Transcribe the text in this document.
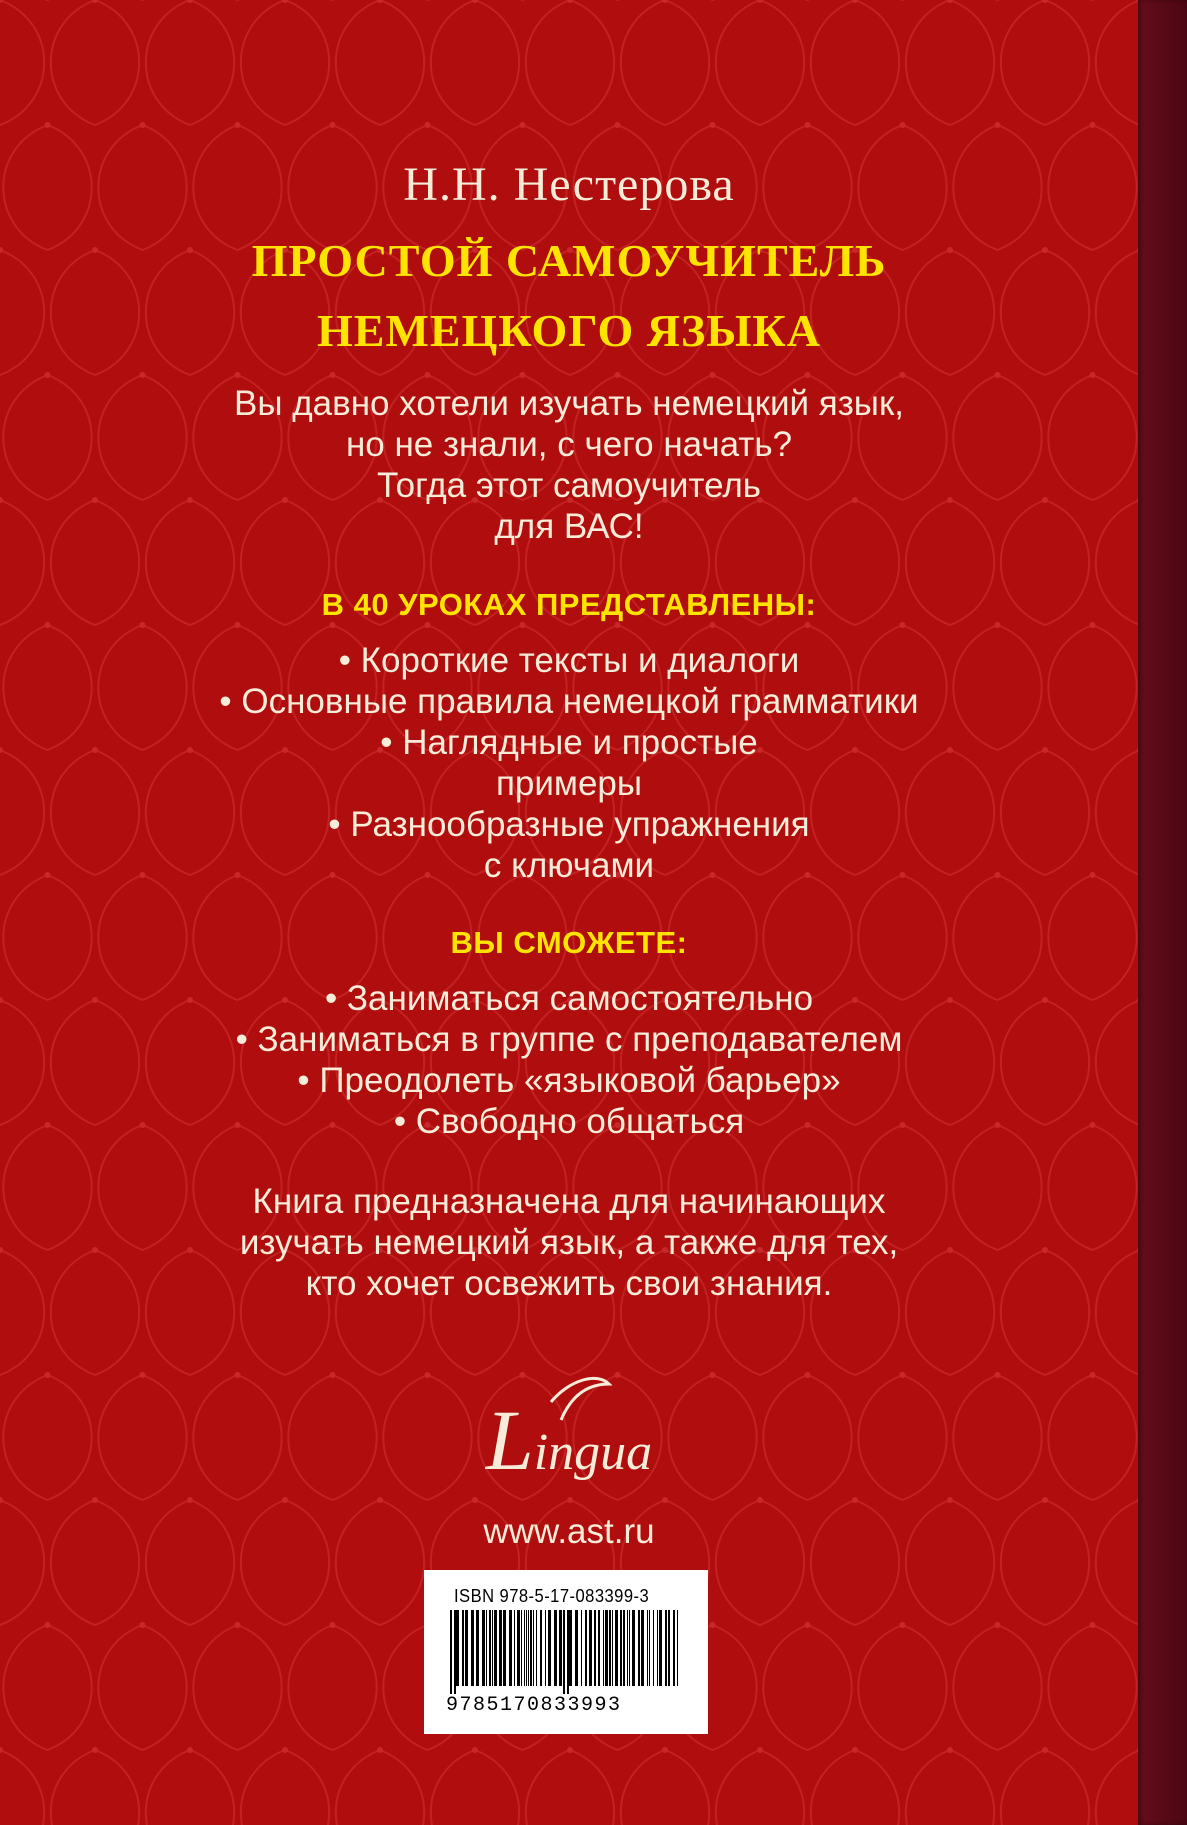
Н.Н. Нестерова
ПРОСТОЙ САМОУЧИТЕЛЬ
НЕМЕЦКОГО ЯЗЫКА
Вы давно хотели изучать немецкий язык,
но не знали, с чего начать?
Тогда этот самоучитель
для ВАС!
В 40 УРОКАХ ПРЕДСТАВЛЕНЫ:
• Короткие тексты и диалоги
• Основные правила немецкой грамматики
• Наглядные и простые
примеры
• Разнообразные упражнения
с ключами
ВЫ СМОЖЕТЕ:
• Заниматься самостоятельно
• Заниматься в группе с преподавателем
• Преодолеть «языковой барьер»
• Свободно общаться
Книга предназначена для начинающих
изучать немецкий язык, а также для тех,
кто хочет освежить свои знания.
Lingua
www.ast.ru
ISBN 978-5-17-083399-3
9785170833993
